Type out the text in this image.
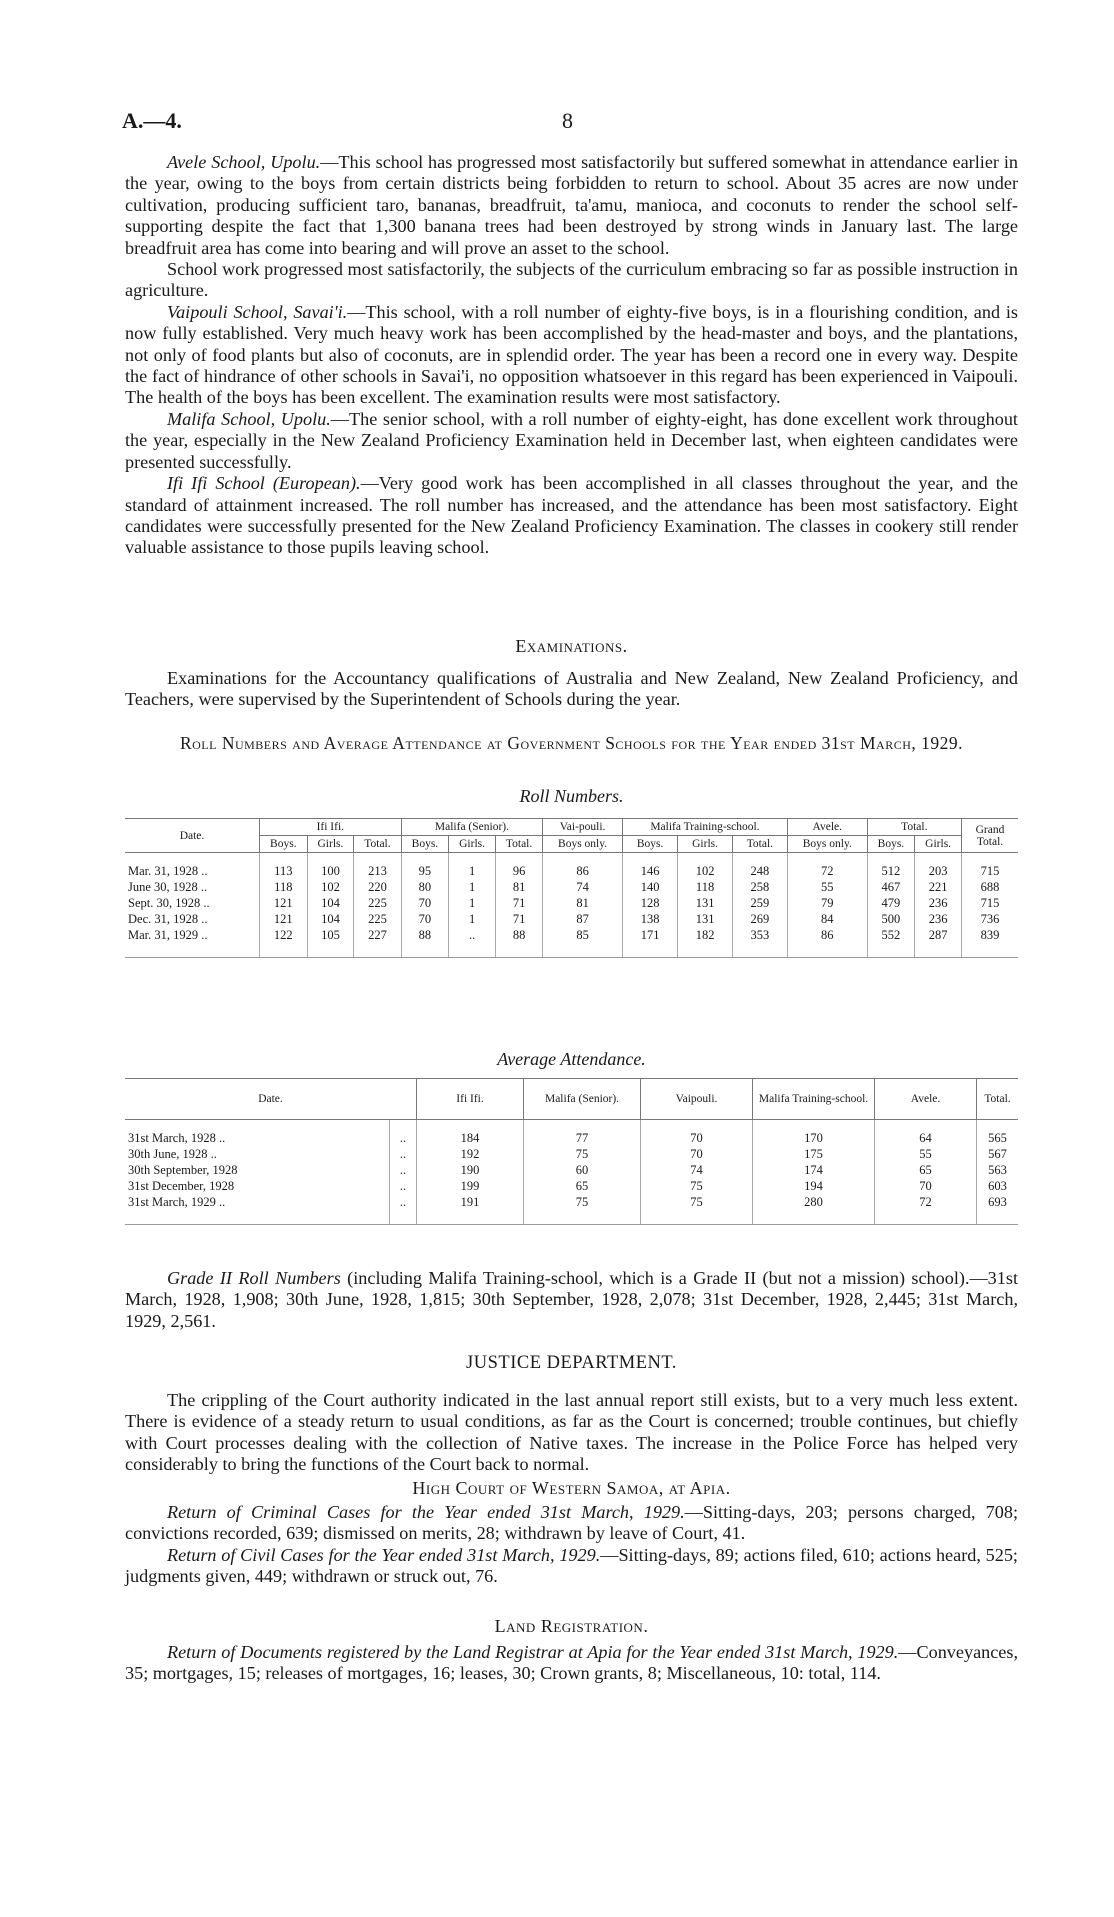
A.—4.	8

Avele School, Upolu.—This school has progressed most satisfactorily but suffered somewhat in attendance earlier in the year, owing to the boys from certain districts being forbidden to return to school. About 35 acres are now under cultivation, producing sufficient taro, bananas, breadfruit, ta'amu, manioca, and coconuts to render the school self-supporting despite the fact that 1,300 banana trees had been destroyed by strong winds in January last. The large breadfruit area has come into bearing and will prove an asset to the school.

School work progressed most satisfactorily, the subjects of the curriculum embracing so far as possible instruction in agriculture.

Vaipouli School, Savai'i.—This school, with a roll number of eighty-five boys, is in a flourishing condition, and is now fully established. Very much heavy work has been accomplished by the head-master and boys, and the plantations, not only of food plants but also of coconuts, are in splendid order. The year has been a record one in every way. Despite the fact of hindrance of other schools in Savai'i, no opposition whatsoever in this regard has been experienced in Vaipouli. The health of the boys has been excellent. The examination results were most satisfactory.

Malifa School, Upolu.—The senior school, with a roll number of eighty-eight, has done excellent work throughout the year, especially in the New Zealand Proficiency Examination held in December last, when eighteen candidates were presented successfully.

Ifi Ifi School (European).—Very good work has been accomplished in all classes throughout the year, and the standard of attainment increased. The roll number has increased, and the attendance has been most satisfactory. Eight candidates were successfully presented for the New Zealand Proficiency Examination. The classes in cookery still render valuable assistance to those pupils leaving school.

Examinations.

Examinations for the Accountancy qualifications of Australia and New Zealand, New Zealand Proficiency, and Teachers, were supervised by the Superintendent of Schools during the year.

Roll Numbers and Average Attendance at Government Schools for the Year ended 31st March, 1929.
Roll Numbers.
Date.	Ifi Ifi.			Malifa (Senior).			Vai-pouli.	Malifa Training-school.			Avele.	Total.		Grand Total.
	Boys.	Girls.	Total.	Boys.	Girls.	Total.	Boys only.	Boys.	Girls.	Total.	Boys only.	Boys.	Girls.	

Mar. 31, 1928 ..	113	100	213	95	1	96	86	146	102	248	72	512	203	715
June 30, 1928 ..	118	102	220	80	1	81	74	140	118	258	55	467	221	688
Sept. 30, 1928 ..	121	104	225	70	1	71	81	128	131	259	79	479	236	715
Dec. 31, 1928 ..	121	104	225	70	1	71	87	138	131	269	84	500	236	736
Mar. 31, 1929 ..	122	105	227	88	..	88	85	171	182	353	86	552	287	839

Average Attendance.
Date.		Ifi Ifi.	Malifa (Senior).	Vaipouli.	Malifa Training-school.	Avele.	Total.

31st March, 1928 ..	..	184	77	70	170	64	565
30th June, 1928 ..	..	192	75	70	175	55	567
30th September, 1928	..	190	60	74	174	65	563
31st December, 1928	..	199	65	75	194	70	603
31st March, 1929 ..	..	191	75	75	280	72	693

Grade II Roll Numbers (including Malifa Training-school, which is a Grade II (but not a mission) school).—31st March, 1928, 1,908; 30th June, 1928, 1,815; 30th September, 1928, 2,078; 31st December, 1928, 2,445; 31st March, 1929, 2,561.

JUSTICE DEPARTMENT.

The crippling of the Court authority indicated in the last annual report still exists, but to a very much less extent. There is evidence of a steady return to usual conditions, as far as the Court is concerned; trouble continues, but chiefly with Court processes dealing with the collection of Native taxes. The increase in the Police Force has helped very considerably to bring the functions of the Court back to normal.

High Court of Western Samoa, at Apia.

Return of Criminal Cases for the Year ended 31st March, 1929.—Sitting-days, 203; persons charged, 708; convictions recorded, 639; dismissed on merits, 28; withdrawn by leave of Court, 41.

Return of Civil Cases for the Year ended 31st March, 1929.—Sitting-days, 89; actions filed, 610; actions heard, 525; judgments given, 449; withdrawn or struck out, 76.

Land Registration.

Return of Documents registered by the Land Registrar at Apia for the Year ended 31st March, 1929.—Conveyances, 35; mortgages, 15; releases of mortgages, 16; leases, 30; Crown grants, 8; Miscellaneous, 10: total, 114.
